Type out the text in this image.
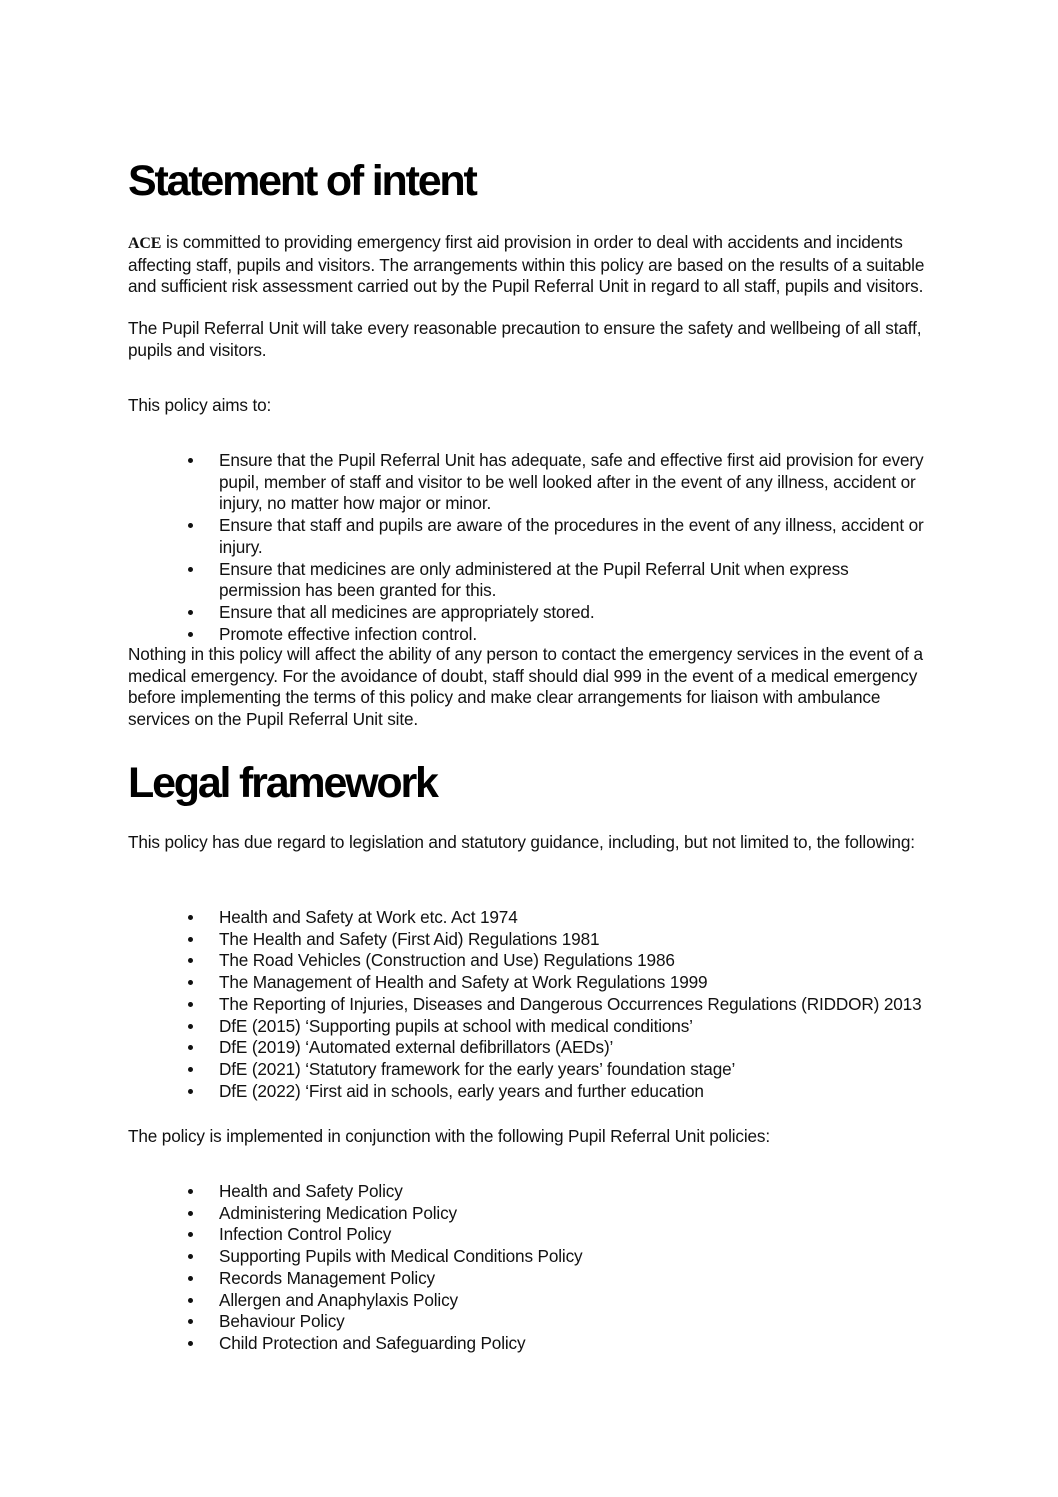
Statement of intent

ACE is committed to providing emergency first aid provision in order to deal with accidents and incidents affecting staff, pupils and visitors. The arrangements within this policy are based on the results of a suitable and sufficient risk assessment carried out by the Pupil Referral Unit in regard to all staff, pupils and visitors.

The Pupil Referral Unit will take every reasonable precaution to ensure the safety and wellbeing of all staff, pupils and visitors.

This policy aims to:

Ensure that the Pupil Referral Unit has adequate, safe and effective first aid provision for every pupil, member of staff and visitor to be well looked after in the event of any illness, accident or injury, no matter how major or minor.
Ensure that staff and pupils are aware of the procedures in the event of any illness, accident or injury.
Ensure that medicines are only administered at the Pupil Referral Unit when express permission has been granted for this.
Ensure that all medicines are appropriately stored.
Promote effective infection control.

Nothing in this policy will affect the ability of any person to contact the emergency services in the event of a medical emergency. For the avoidance of doubt, staff should dial 999 in the event of a medical emergency before implementing the terms of this policy and make clear arrangements for liaison with ambulance services on the Pupil Referral Unit site.

Legal framework

This policy has due regard to legislation and statutory guidance, including, but not limited to, the following:

Health and Safety at Work etc. Act 1974
The Health and Safety (First Aid) Regulations 1981
The Road Vehicles (Construction and Use) Regulations 1986
The Management of Health and Safety at Work Regulations 1999
The Reporting of Injuries, Diseases and Dangerous Occurrences Regulations (RIDDOR) 2013
DfE (2015) ‘Supporting pupils at school with medical conditions’
DfE (2019) ‘Automated external defibrillators (AEDs)’
DfE (2021) ‘Statutory framework for the early years’ foundation stage’
DfE (2022) ‘First aid in schools, early years and further education

The policy is implemented in conjunction with the following Pupil Referral Unit policies:

Health and Safety Policy
Administering Medication Policy
Infection Control Policy
Supporting Pupils with Medical Conditions Policy
Records Management Policy
Allergen and Anaphylaxis Policy
Behaviour Policy
Child Protection and Safeguarding Policy
